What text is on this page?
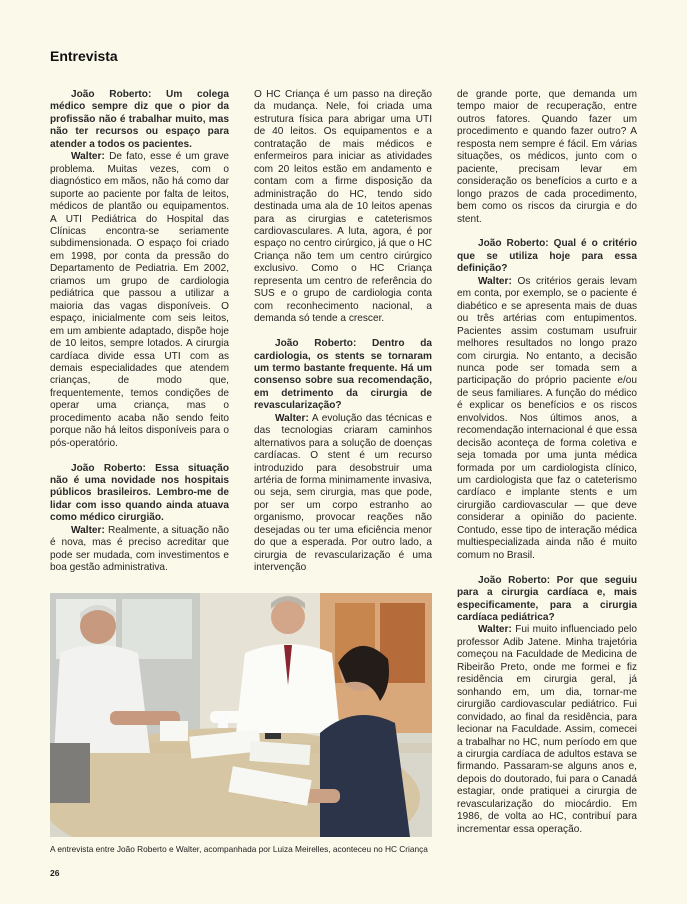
Entrevista

João Roberto: Um colega médico sempre diz que o pior da profissão não é trabalhar muito, mas não ter recursos ou espaço para atender a todos os pacientes.

Walter: De fato, esse é um grave problema. Muitas vezes, com o diagnóstico em mãos, não há como dar suporte ao paciente por falta de leitos, médicos de plantão ou equipamentos. A UTI Pediátrica do Hospital das Clínicas encontra-se seriamente subdimensionada. O espaço foi criado em 1998, por conta da pressão do Departamento de Pediatria. Em 2002, criamos um grupo de cardiologia pediátrica que passou a utilizar a maioria das vagas disponíveis. O espaço, inicialmente com seis leitos, em um ambiente adaptado, dispõe hoje de 10 leitos, sempre lotados. A cirurgia cardíaca divide essa UTI com as demais especialidades que atendem crianças, de modo que, frequentemente, temos condições de operar uma criança, mas o procedimento acaba não sendo feito porque não há leitos disponíveis para o pós-operatório.

João Roberto: Essa situação não é uma novidade nos hospitais públicos brasileiros. Lembro-me de lidar com isso quando ainda atuava como médico cirurgião.

Walter: Realmente, a situação não é nova, mas é preciso acreditar que pode ser mudada, com investimentos e boa gestão administrativa.

O HC Criança é um passo na direção da mudança. Nele, foi criada uma estrutura física para abrigar uma UTI de 40 leitos. Os equipamentos e a contratação de mais médicos e enfermeiros para iniciar as atividades com 20 leitos estão em andamento e contam com a firme disposição da administração do HC, tendo sido destinada uma ala de 10 leitos apenas para as cirurgias e cateterismos cardiovasculares. A luta, agora, é por espaço no centro cirúrgico, já que o HC Criança não tem um centro cirúrgico exclusivo. Como o HC Criança representa um centro de referência do SUS e o grupo de cardiologia conta com reconhecimento nacional, a demanda só tende a crescer.

João Roberto: Dentro da cardiologia, os stents se tornaram um termo bastante frequente. Há um consenso sobre sua recomendação, em detrimento da cirurgia de revascularização?

Walter: A evolução das técnicas e das tecnologias criaram caminhos alternativos para a solução de doenças cardíacas. O stent é um recurso introduzido para desobstruir uma artéria de forma minimamente invasiva, ou seja, sem cirurgia, mas que pode, por ser um corpo estranho ao organismo, provocar reações não desejadas ou ter uma eficiência menor do que a esperada. Por outro lado, a cirurgia de revascularização é uma intervenção

de grande porte, que demanda um tempo maior de recuperação, entre outros fatores. Quando fazer um procedimento e quando fazer outro? A resposta nem sempre é fácil. Em várias situações, os médicos, junto com o paciente, precisam levar em consideração os benefícios a curto e a longo prazos de cada procedimento, bem como os riscos da cirurgia e do stent.

João Roberto: Qual é o critério que se utiliza hoje para essa definição?

Walter: Os critérios gerais levam em conta, por exemplo, se o paciente é diabético e se apresenta mais de duas ou três artérias com entupimentos. Pacientes assim costumam usufruir melhores resultados no longo prazo com cirurgia. No entanto, a decisão nunca pode ser tomada sem a participação do próprio paciente e/ou de seus familiares. A função do médico é explicar os benefícios e os riscos envolvidos. Nos últimos anos, a recomendação internacional é que essa decisão aconteça de forma coletiva e seja tomada por uma junta médica formada por um cardiologista clínico, um cardiologista que faz o cateterismo cardíaco e implante stents e um cirurgião cardiovascular — que deve considerar a opinião do paciente. Contudo, esse tipo de interação médica multiespecializada ainda não é muito comum no Brasil.

João Roberto: Por que seguiu para a cirurgia cardíaca e, mais especificamente, para a cirurgia cardíaca pediátrica?

Walter: Fui muito influenciado pelo professor Adib Jatene. Minha trajetória começou na Faculdade de Medicina de Ribeirão Preto, onde me formei e fiz residência em cirurgia geral, já sonhando em, um dia, tornar-me cirurgião cardiovascular pediátrico. Fui convidado, ao final da residência, para lecionar na Faculdade. Assim, comecei a trabalhar no HC, num período em que a cirurgia cardíaca de adultos estava se firmando. Passaram-se alguns anos e, depois do doutorado, fui para o Canadá estagiar, onde pratiquei a cirurgia de revascularização do miocárdio. Em 1986, de volta ao HC, contribuí para incrementar essa operação.

A entrevista entre João Roberto e Walter, acompanhada por Luiza Meirelles, aconteceu no HC Criança
26
